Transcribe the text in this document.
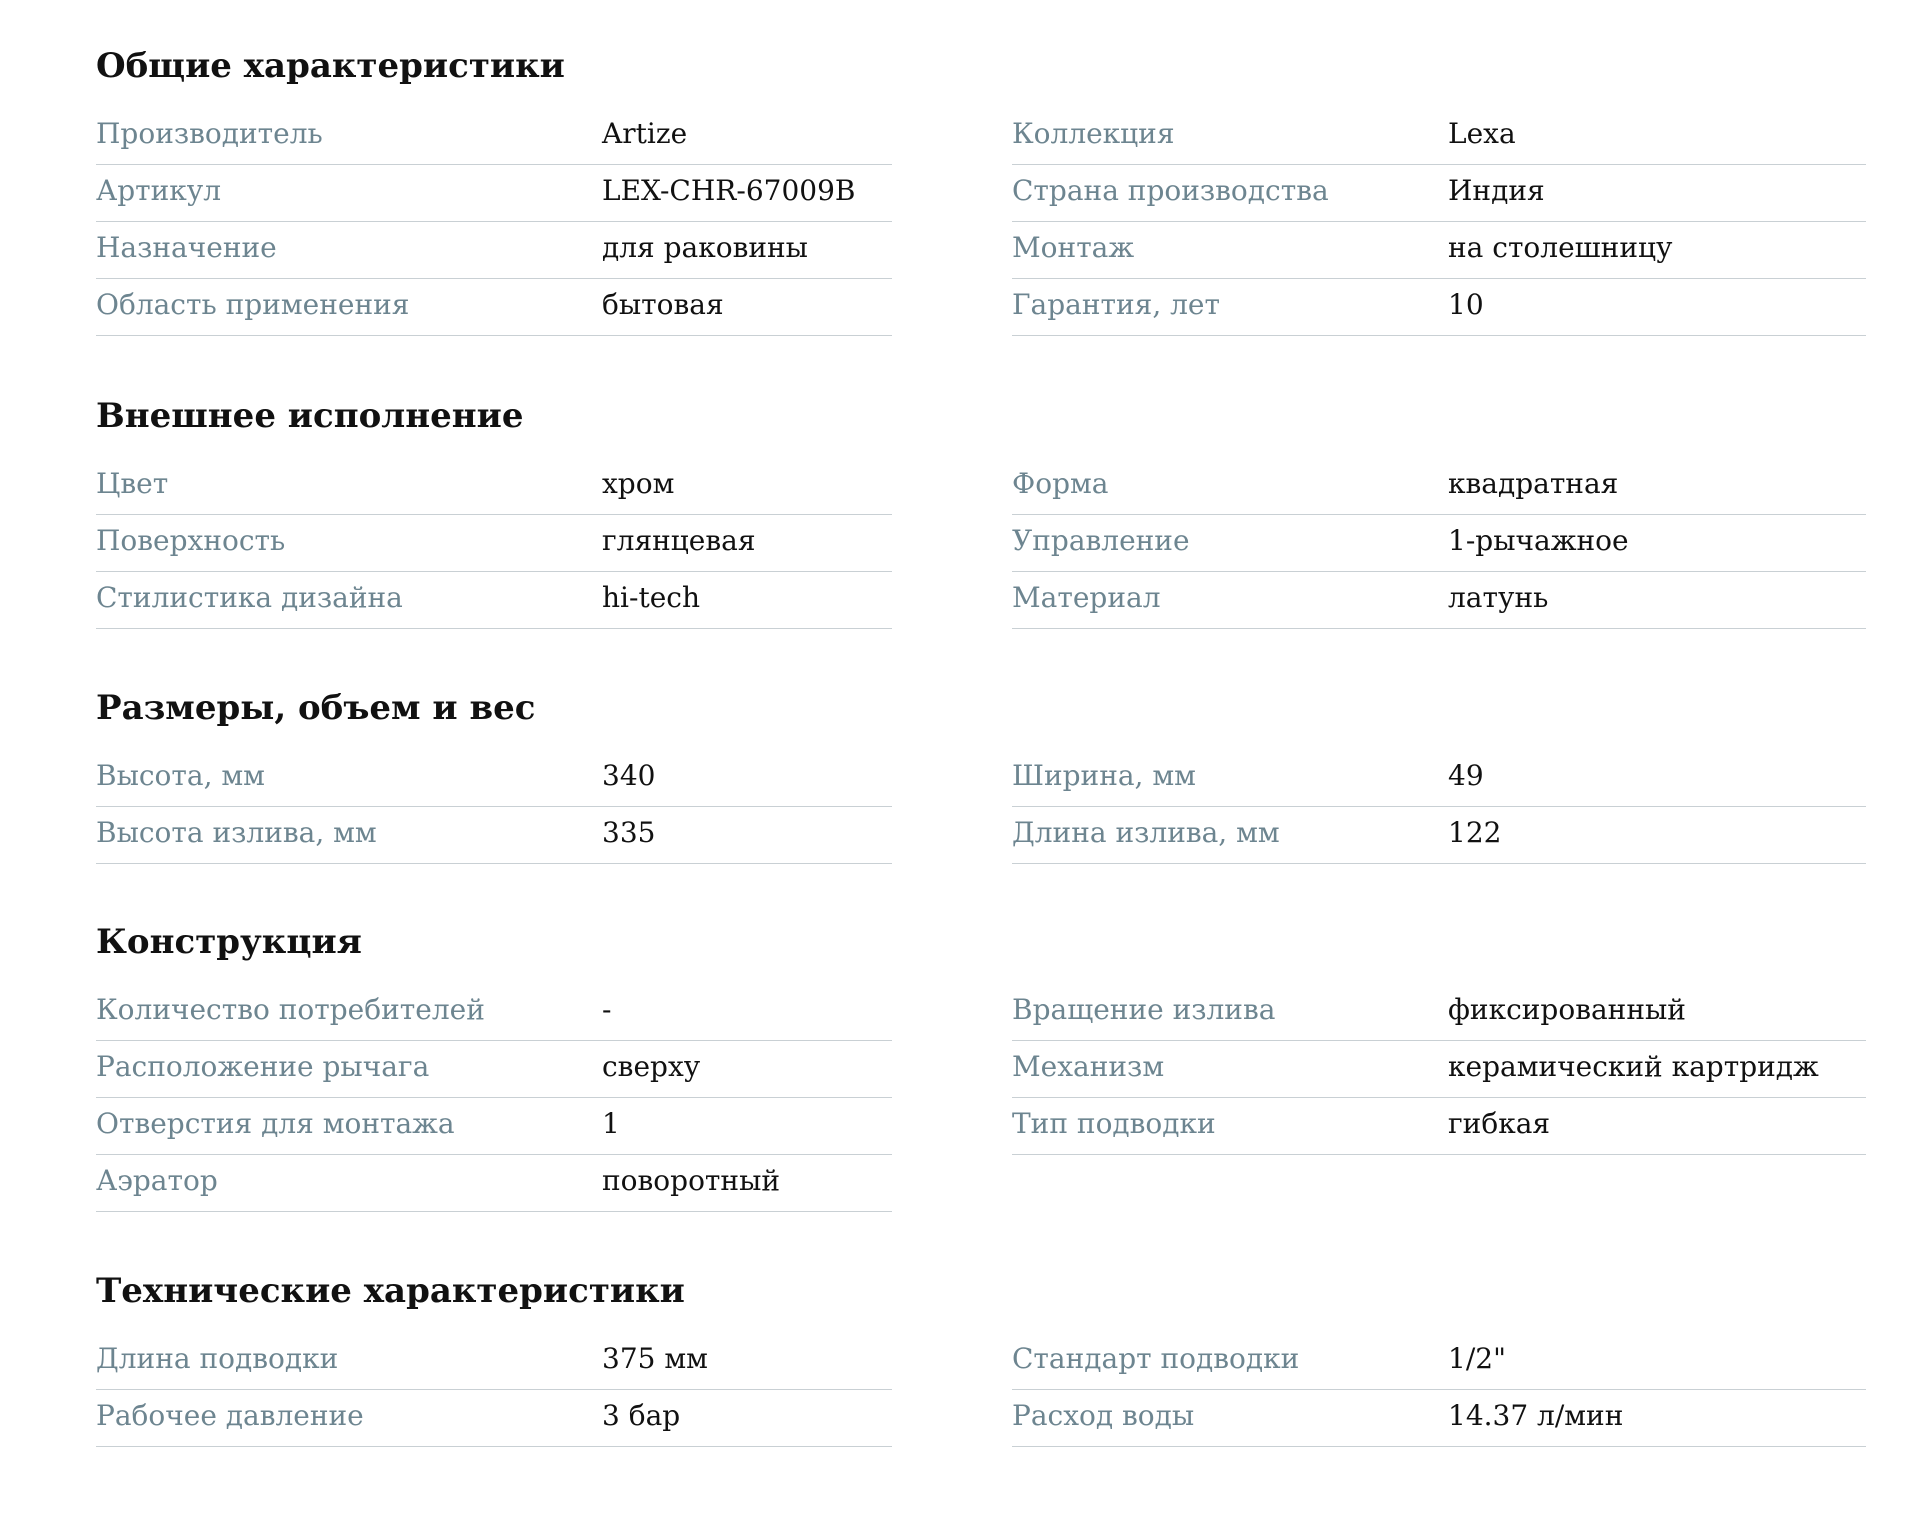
Общие характеристики
Производитель	Artize
Артикул	LEX-CHR-67009B
Назначение	для раковины
Область применения	бытовая
Коллекция	Lexa
Страна производства	Индия
Монтаж	на столешницу
Гарантия, лет	10
Внешнее исполнение
Цвет	хром
Поверхность	глянцевая
Стилистика дизайна	hi-tech
Форма	квадратная
Управление	1-рычажное
Материал	латунь
Размеры, объем и вес
Высота, мм	340
Высота излива, мм	335
Ширина, мм	49
Длина излива, мм	122
Конструкция
Количество потребителей	-
Расположение рычага	сверху
Отверстия для монтажа	1
Аэратор	поворотный
Вращение излива	фиксированный
Механизм	керамический картридж
Тип подводки	гибкая
Технические характеристики
Длина подводки	375 мм
Рабочее давление	3 бар
Стандарт подводки	1/2"
Расход воды	14.37 л/мин
